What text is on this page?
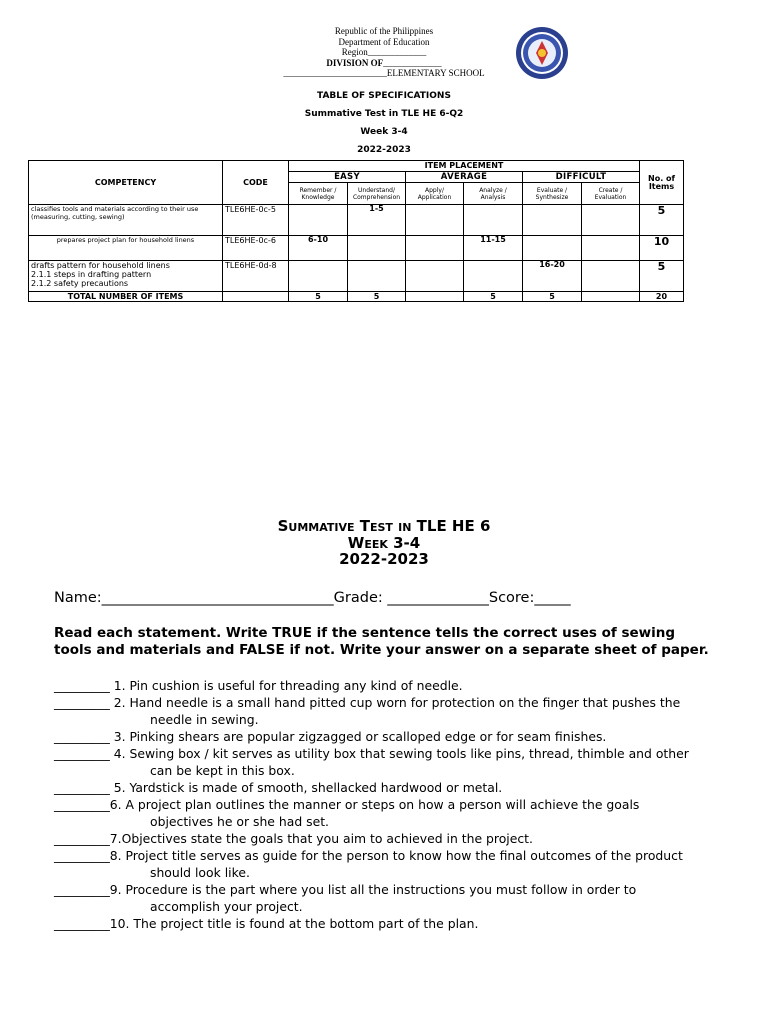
Republic of the Philippines
Department of Education
Region_____________
DIVISION OF_____________
_______________________ELEMENTARY SCHOOL
TABLE OF SPECIFICATIONS
Summative Test in TLE HE 6-Q2
Week 3-4
2022-2023
COMPETENCY	CODE	ITEM PLACEMENT						No. of Items
		EASY		AVERAGE		DIFFICULT		
		Remember / Knowledge	Understand/ Comprehension	Apply/ Application	Analyze / Analysis	Evaluate / Synthesize	Create / Evaluation	
classifies tools and materials according to their use (measuring, cutting, sewing)	TLE6HE-0c-5		1-5					5
prepares project plan for household linens	TLE6HE-0c-6	6-10			11-15			10

drafts pattern for household linens
2.1.1 steps in drafting pattern
2.1.2 safety precautions	TLE6HE-0d-8					16-20		5
TOTAL NUMBER OF ITEMS		5	5		5	5		20
Summative Test in TLE HE 6
Week 3-4
2022-2023
Name:________________________________Grade: ______________Score:_____
Read each statement. Write TRUE if the sentence tells the correct uses of sewing tools and materials and FALSE if not. Write your answer on a separate sheet of paper.
_________ 1. Pin cushion is useful for threading any kind of needle.
_________ 2. Hand needle is a small hand pitted cup worn for protection on the finger that pushes the
needle in sewing.
_________ 3. Pinking shears are popular zigzagged or scalloped edge or for seam finishes.
_________ 4. Sewing box / kit serves as utility box that sewing tools like pins, thread, thimble and other
can be kept in this box.
_________ 5. Yardstick is made of smooth, shellacked hardwood or metal.
_________6. A project plan outlines the manner or steps on how a person will achieve the goals
objectives he or she had set.
_________7.Objectives state the goals that you aim to achieved in the project.
_________8. Project title serves as guide for the person to know how the final outcomes of the product
should look like.
_________9. Procedure is the part where you list all the instructions you must follow in order to
accomplish your project.
_________10. The project title is found at the bottom part of the plan.
